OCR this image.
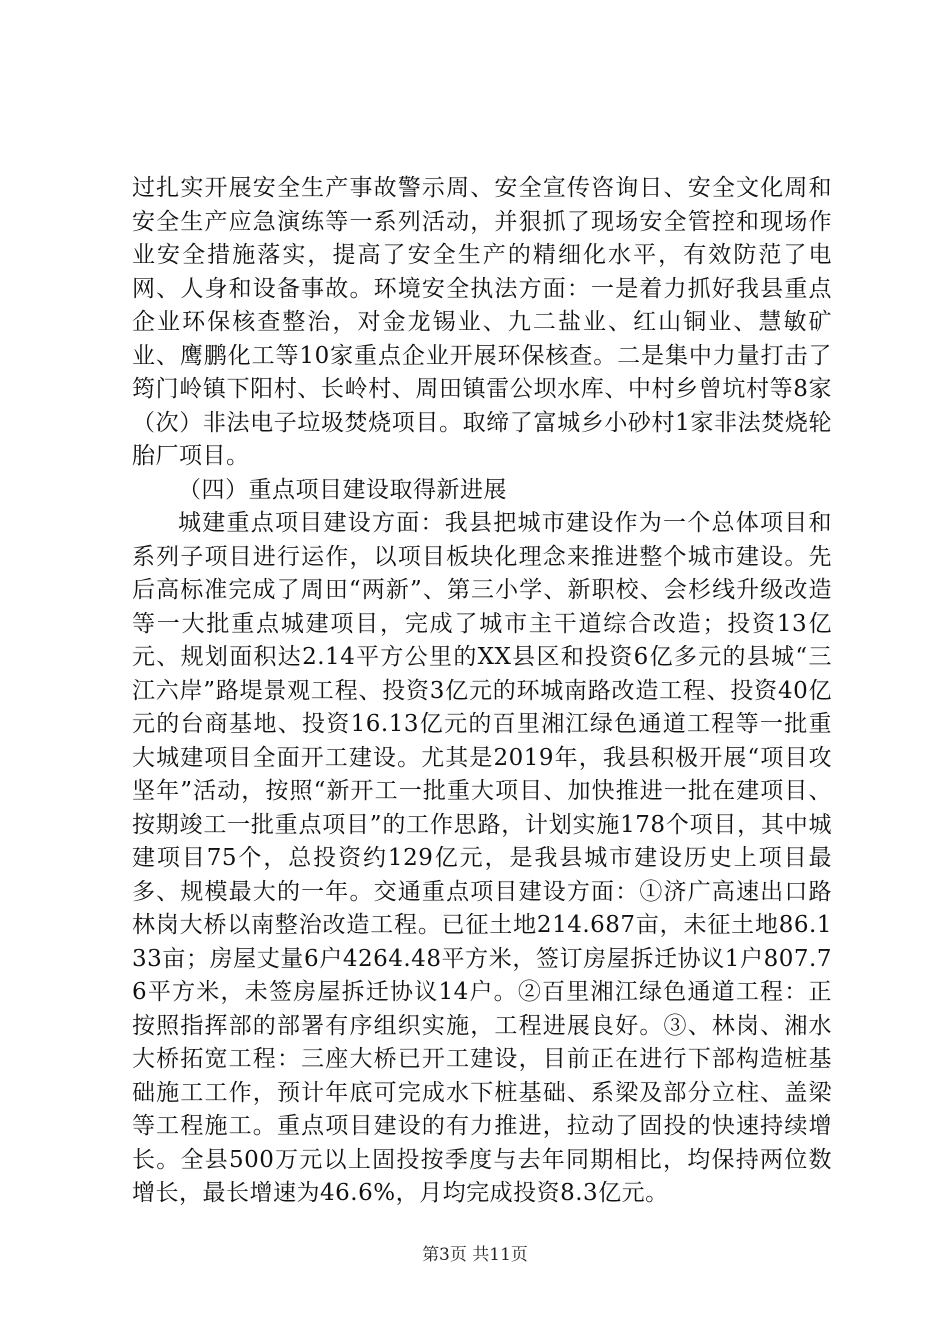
过扎实开展安全生产事故警示周、安全宣传咨询日、安全文化周和安全生产应急演练等一系列活动，并狠抓了现场安全管控和现场作业安全措施落实，提高了安全生产的精细化水平，有效防范了电网、人身和设备事故。环境安全执法方面：一是着力抓好我县重点企业环保核查整治，对金龙锡业、九二盐业、红山铜业、慧敏矿业、鹰鹏化工等10家重点企业开展环保核查。二是集中力量打击了筠门岭镇下阳村、长岭村、周田镇雷公坝水库、中村乡曾坑村等8家（次）非法电子垃圾焚烧项目。取缔了富城乡小砂村1家非法焚烧轮胎厂项目。

（四）重点项目建设取得新进展

城建重点项目建设方面：我县把城市建设作为一个总体项目和系列子项目进行运作，以项目板块化理念来推进整个城市建设。先后高标准完成了周田“两新”、第三小学、新职校、会杉线升级改造等一大批重点城建项目，完成了城市主干道综合改造；投资13亿元、规划面积达2.14平方公里的XX县区和投资6亿多元的县城“三江六岸”路堤景观工程、投资3亿元的环城南路改造工程、投资40亿元的台商基地、投资16.13亿元的百里湘江绿色通道工程等一批重大城建项目全面开工建设。尤其是2019年，我县积极开展“项目攻坚年”活动，按照“新开工一批重大项目、加快推进一批在建项目、按期竣工一批重点项目”的工作思路，计划实施178个项目，其中城建项目75个，总投资约129亿元，是我县城市建设历史上项目最多、规模最大的一年。交通重点项目建设方面：①济广高速出口路林岗大桥以南整治改造工程。已征土地214.687亩，未征土地86.133亩；房屋丈量6户4264.48平方米，签订房屋拆迁协议1户807.76平方米，未签房屋拆迁协议14户。②百里湘江绿色通道工程：正按照指挥部的部署有序组织实施，工程进展良好。③、林岗、湘水大桥拓宽工程：三座大桥已开工建设，目前正在进行下部构造桩基础施工工作，预计年底可完成水下桩基础、系梁及部分立柱、盖梁等工程施工。重点项目建设的有力推进，拉动了固投的快速持续增长。全县500万元以上固投按季度与去年同期相比，均保持两位数增长，最长增速为46.6%，月均完成投资8.3亿元。

第3页 共11页
